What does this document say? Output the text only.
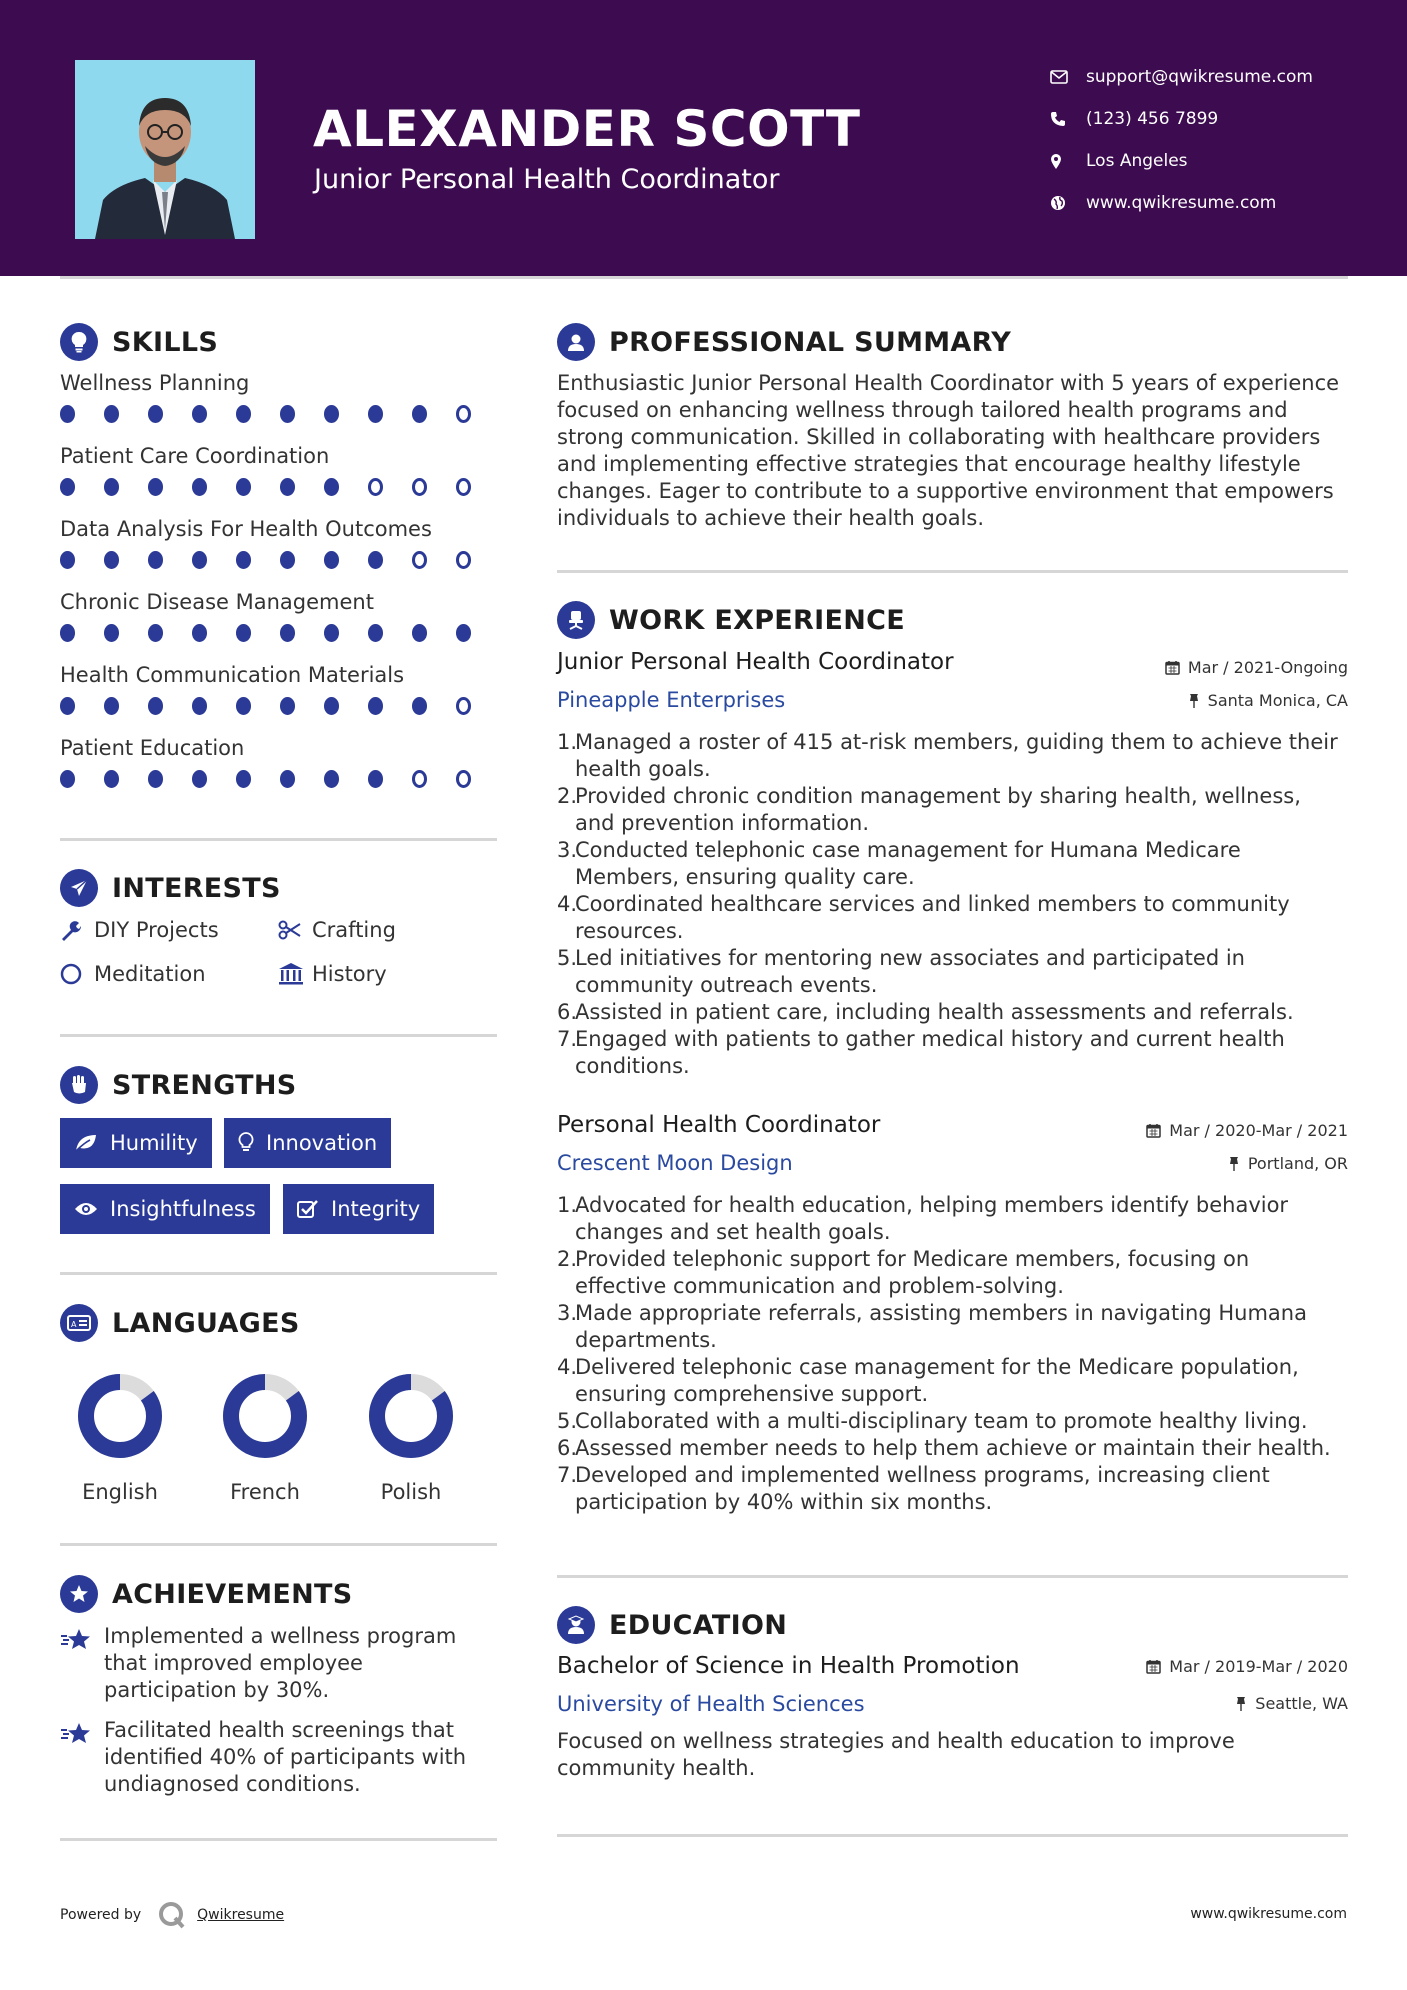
ALEXANDER SCOTT
Junior Personal Health Coordinator
support@qwikresume.com
(123) 456 7899
Los Angeles
www.qwikresume.com
SKILLS
Wellness Planning
Patient Care Coordination
Data Analysis For Health Outcomes
Chronic Disease Management
Health Communication Materials
Patient Education
INTERESTS
DIY Projects	Crafting
Meditation	History
STRENGTHS
Humility	Innovation
Insightfulness	Integrity
A LANGUAGES
English	French	Polish
ACHIEVEMENTS
Implemented a wellness program that improved employee participation by 30%.
Facilitated health screenings that identified 40% of participants with undiagnosed conditions.
PROFESSIONAL SUMMARY
Enthusiastic Junior Personal Health Coordinator with 5 years of experience focused on enhancing wellness through tailored health programs and strong communication. Skilled in collaborating with healthcare providers and implementing effective strategies that encourage healthy lifestyle changes. Eager to contribute to a supportive environment that empowers individuals to achieve their health goals.
WORK EXPERIENCE
Junior Personal Health Coordinator	Mar / 2021-Ongoing
Pineapple Enterprises	Santa Monica, CA
Managed a roster of 415 at-risk members, guiding them to achieve their health goals.
Provided chronic condition management by sharing health, wellness, and prevention information.
Conducted telephonic case management for Humana Medicare Members, ensuring quality care.
Coordinated healthcare services and linked members to community resources.
Led initiatives for mentoring new associates and participated in community outreach events.
Assisted in patient care, including health assessments and referrals.
Engaged with patients to gather medical history and current health conditions.
Personal Health Coordinator	Mar / 2020-Mar / 2021
Crescent Moon Design	Portland, OR
Advocated for health education, helping members identify behavior changes and set health goals.
Provided telephonic support for Medicare members, focusing on effective communication and problem-solving.
Made appropriate referrals, assisting members in navigating Humana departments.
Delivered telephonic case management for the Medicare population, ensuring comprehensive support.
Collaborated with a multi-disciplinary team to promote healthy living.
Assessed member needs to help them achieve or maintain their health.
Developed and implemented wellness programs, increasing client participation by 40% within six months.
EDUCATION
Bachelor of Science in Health Promotion	Mar / 2019-Mar / 2020
University of Health Sciences	Seattle, WA
Focused on wellness strategies and health education to improve community health.
Powered by	Qwikresume	www.qwikresume.com
